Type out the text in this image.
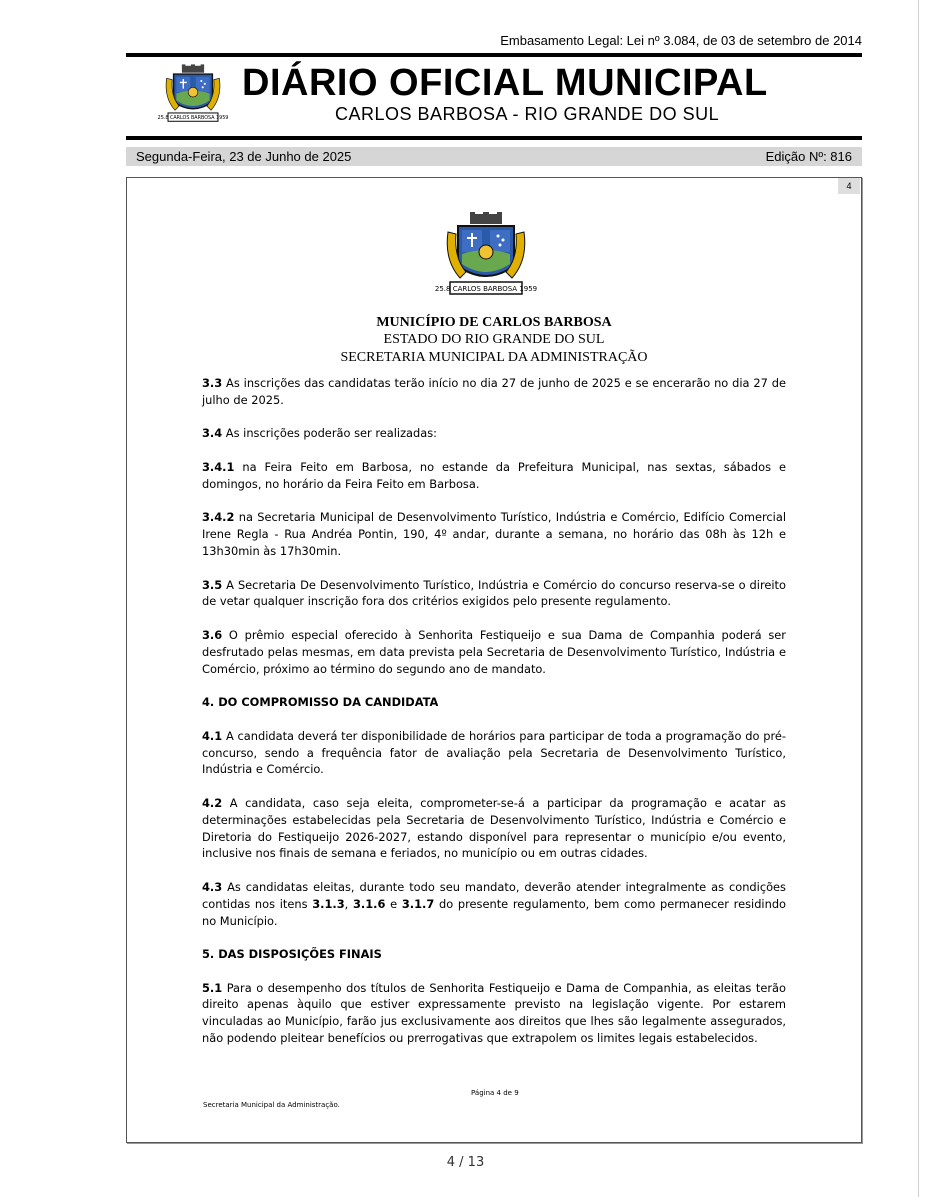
Embasamento Legal: Lei nº 3.084, de 03 de setembro de 2014
25.8 CARLOS BARBOSA 1959
DIÁRIO OFICIAL MUNICIPAL
CARLOS BARBOSA - RIO GRANDE DO SUL
Segunda-Feira, 23 de Junho de 2025	Edição Nº: 816
4
25.8 CARLOS BARBOSA 1959
MUNICÍPIO DE CARLOS BARBOSA
ESTADO DO RIO GRANDE DO SUL
SECRETARIA MUNICIPAL DA ADMINISTRAÇÃO

3.3 As inscrições das candidatas terão início no dia 27 de junho de 2025 e se encerarão no dia 27 de julho de 2025.

3.4 As inscrições poderão ser realizadas:

3.4.1 na Feira Feito em Barbosa, no estande da Prefeitura Municipal, nas sextas, sábados e domingos, no horário da Feira Feito em Barbosa.

3.4.2 na Secretaria Municipal de Desenvolvimento Turístico, Indústria e Comércio, Edifício Comercial Irene Regla - Rua Andréa Pontin, 190, 4º andar, durante a semana, no horário das 08h às 12h e 13h30min às 17h30min.

3.5 A Secretaria De Desenvolvimento Turístico, Indústria e Comércio do concurso reserva-se o direito de vetar qualquer inscrição fora dos critérios exigidos pelo presente regulamento.

3.6 O prêmio especial oferecido à Senhorita Festiqueijo e sua Dama de Companhia poderá ser desfrutado pelas mesmas, em data prevista pela Secretaria de Desenvolvimento Turístico, Indústria e Comércio, próximo ao término do segundo ano de mandato.

4. DO COMPROMISSO DA CANDIDATA

4.1 A candidata deverá ter disponibilidade de horários para participar de toda a programação do pré-concurso, sendo a frequência fator de avaliação pela Secretaria de Desenvolvimento Turístico, Indústria e Comércio.

4.2 A candidata, caso seja eleita, comprometer-se-á a participar da programação e acatar as determinações estabelecidas pela Secretaria de Desenvolvimento Turístico, Indústria e Comércio e Diretoria do Festiqueijo 2026-2027, estando disponível para representar o município e/ou evento, inclusive nos finais de semana e feriados, no município ou em outras cidades.

4.3 As candidatas eleitas, durante todo seu mandato, deverão atender integralmente as condições contidas nos itens 3.1.3, 3.1.6 e 3.1.7 do presente regulamento, bem como permanecer residindo no Município.

5. DAS DISPOSIÇÕES FINAIS

5.1 Para o desempenho dos títulos de Senhorita Festiqueijo e Dama de Companhia, as eleitas terão direito apenas àquilo que estiver expressamente previsto na legislação vigente. Por estarem vinculadas ao Município, farão jus exclusivamente aos direitos que lhes são legalmente assegurados, não podendo pleitear benefícios ou prerrogativas que extrapolem os limites legais estabelecidos.

Página 4 de 9
Secretaria Municipal da Administração.
4 / 13
